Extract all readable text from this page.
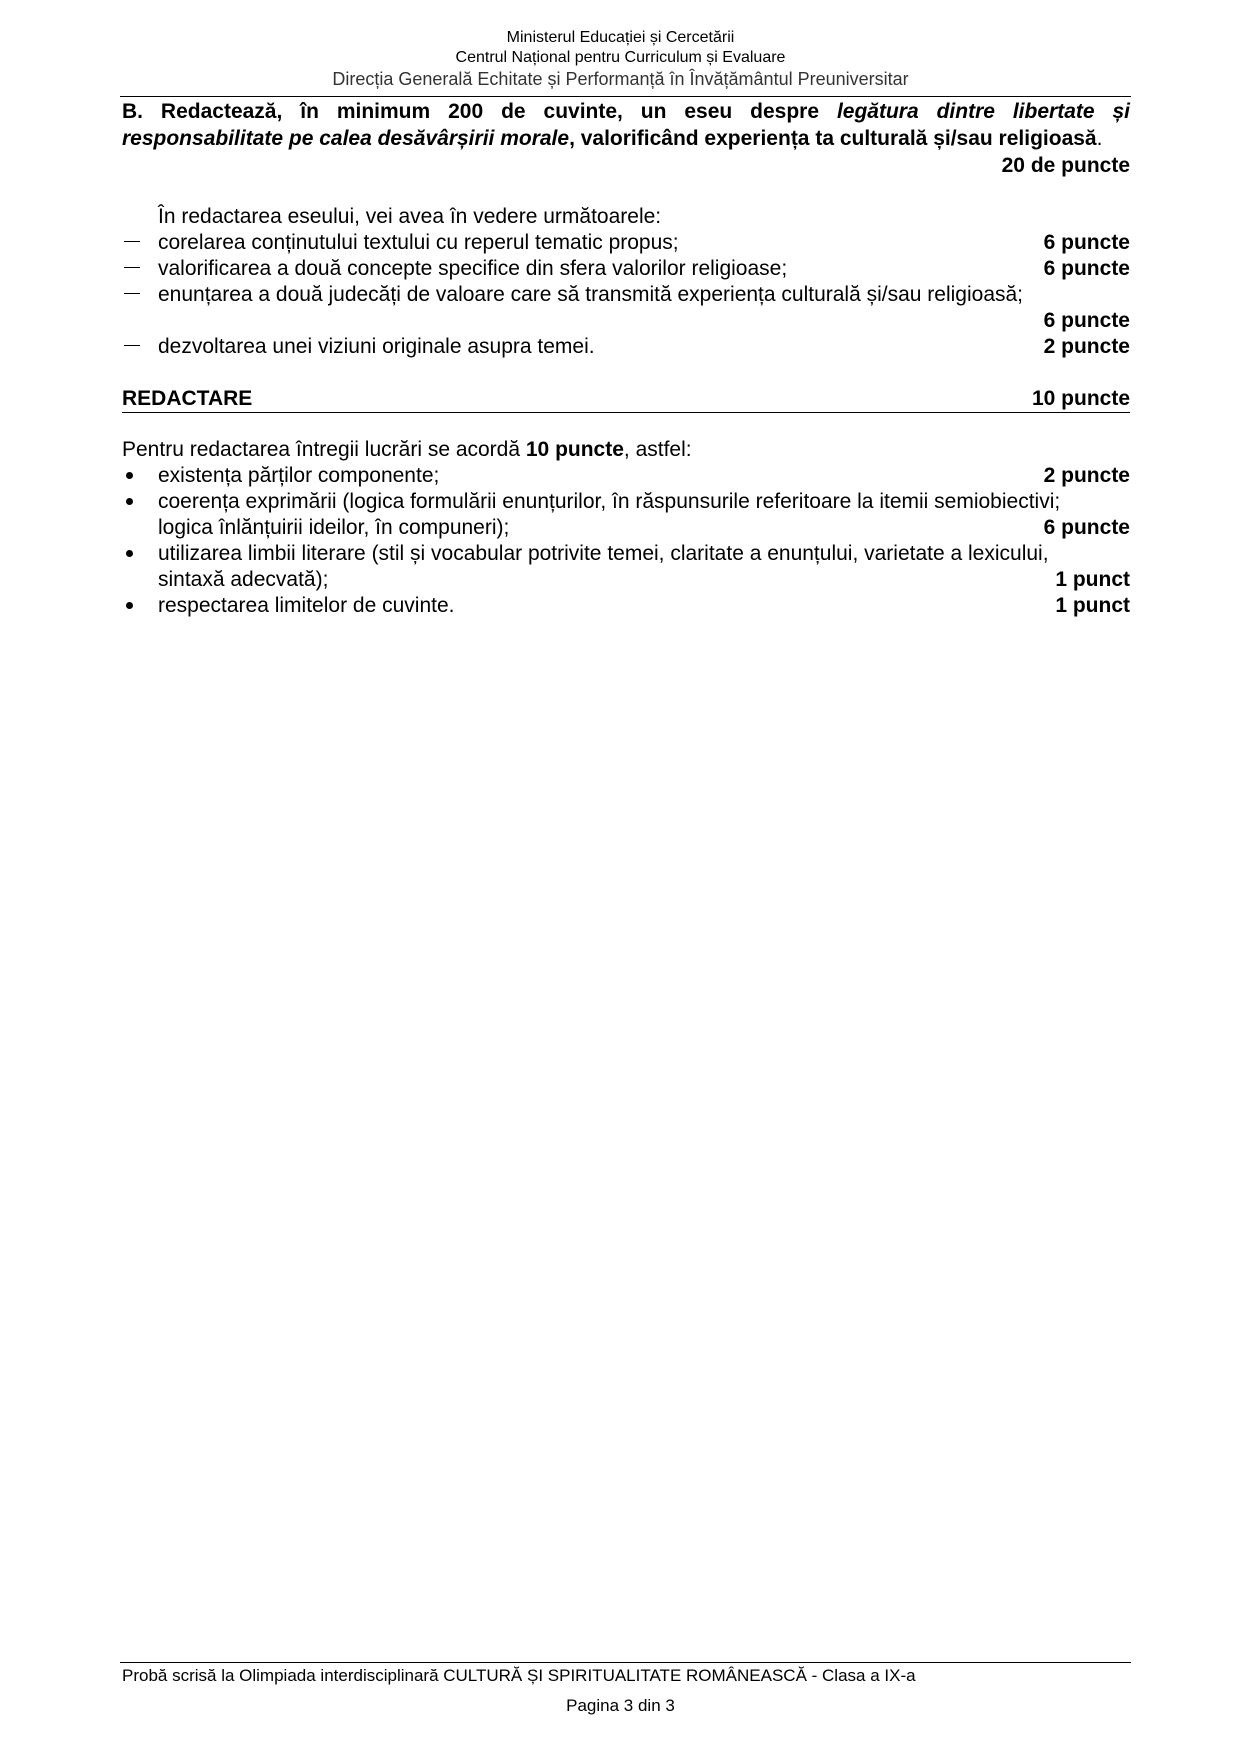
Ministerul Educației și Cercetării
Centrul Național pentru Curriculum și Evaluare
Direcția Generală Echitate și Performanță în Învățământul Preuniversitar
B. Redactează, în minimum 200 de cuvinte, un eseu despre legătura dintre libertate și responsabilitate pe calea desăvârșirii morale, valorificând experiența ta culturală și/sau religioasă.
20 de puncte
În redactarea eseului, vei avea în vedere următoarele:
corelarea conținutului textului cu reperul tematic propus;	6 puncte
valorificarea a două concepte specifice din sfera valorilor religioase;	6 puncte
enunțarea a două judecăți de valoare care să transmită experiența culturală și/sau religioasă;
6 puncte
dezvoltarea unei viziuni originale asupra temei.	2 puncte
REDACTARE	10 puncte
Pentru redactarea întregii lucrări se acordă 10 puncte, astfel:
existența părților componente;	2 puncte
coerența exprimării (logica formulării enunțurilor, în răspunsurile referitoare la itemii semiobiectivi;
logica înlănțuirii ideilor, în compuneri);	6 puncte
utilizarea limbii literare (stil și vocabular potrivite temei, claritate a enunțului, varietate a lexicului,
sintaxă adecvată);	1 punct
respectarea limitelor de cuvinte.	1 punct
Probă scrisă la Olimpiada interdisciplinară CULTURĂ ȘI SPIRITUALITATE ROMÂNEASCĂ - Clasa a IX-a
Pagina 3 din 3
